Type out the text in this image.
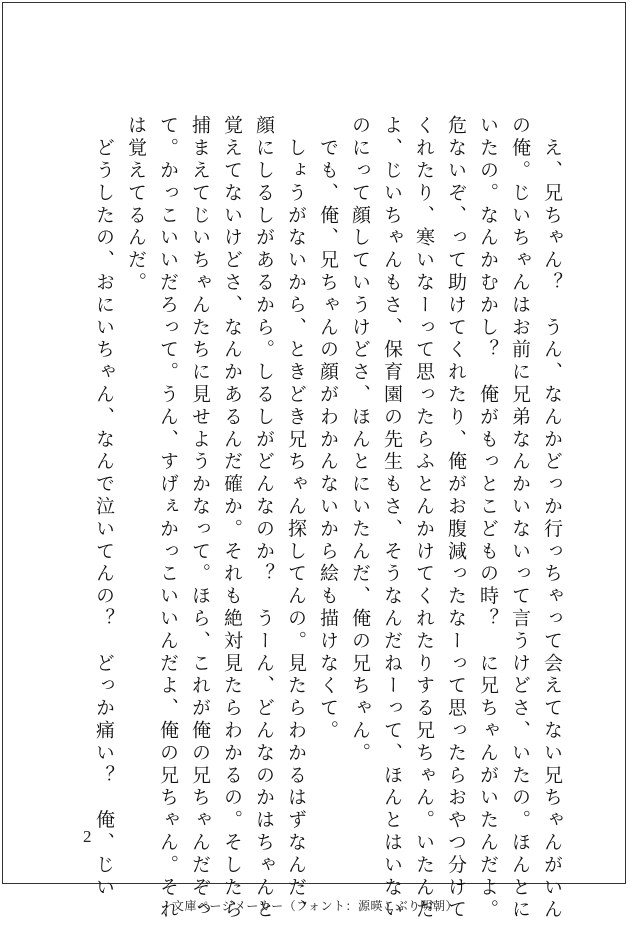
　え、兄ちゃん？　うん、なんかどっか行っちゃって会えてない兄ちゃんがいん
の俺。じいちゃんはお前に兄弟なんかいないって言うけどさ、いたの。ほんとに
いたの。なんかむかし？　俺がもっとこどもの時？　に兄ちゃんがいたんだよ。
危ないぞ、って助けてくれたり、俺がお腹減ったなーって思ったらおやつ分けて
くれたり、寒いなーって思ったらふとんかけてくれたりする兄ちゃん。いたんだ
よ、じいちゃんもさ、保育園の先生もさ、そうなんだねーって、ほんとはいない
のにって顔していうけどさ、ほんとにいたんだ、俺の兄ちゃん。
　でも、俺、兄ちゃんの顔がわかんないから絵も描けなくて。
　しょうがないから、ときどき兄ちゃん探してんの。見たらわかるはずなんだ、
顔にしるしがあるから。しるしがどんなのか？　うーん、どんなのかはちゃんと
覚えてないけどさ、なんかあるんだ確か。それも絶対見たらわかるの。そしたら
捕まえてじいちゃんたちに見せようかなって。ほら、これが俺の兄ちゃんだぞっ
て。かっこいいだろって。うん、すげぇかっこいいんだよ、俺の兄ちゃん。それ
は覚えてるんだ。
　どうしたの、おにいちゃん、なんで泣いてんの？　どっか痛い？　俺、じい
2
文庫ページメーカー（フォント：源暎こぶり明朝）
